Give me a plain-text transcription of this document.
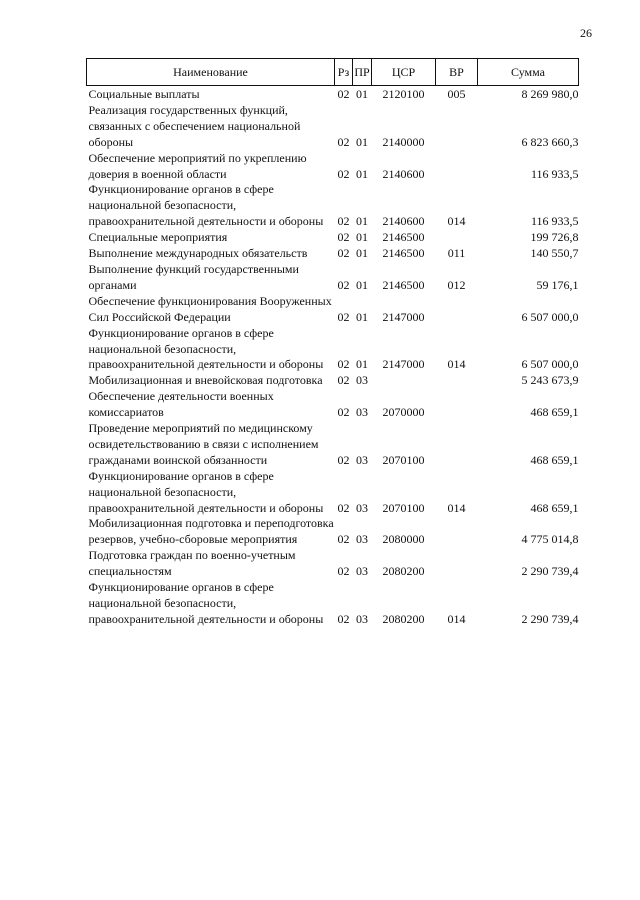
26
Наименование	Рз	ПР	ЦСР	ВР	Сумма
Социальные выплаты	02	01	2120100	005	8 269 980,0
Реализация государственных функций, связанных с обеспечением национальной обороны	02	01	2140000		6 823 660,3
Обеспечение мероприятий по укреплению доверия в военной области	02	01	2140600		116 933,5
Функционирование органов в сфере национальной безопасности, правоохранительной деятельности и обороны	02	01	2140600	014	116 933,5
Специальные мероприятия	02	01	2146500		199 726,8
Выполнение международных обязательств	02	01	2146500	011	140 550,7
Выполнение функций государственными органами	02	01	2146500	012	59 176,1
Обеспечение функционирования Вооруженных Сил Российской Федерации	02	01	2147000		6 507 000,0
Функционирование органов в сфере национальной безопасности, правоохранительной деятельности и обороны	02	01	2147000	014	6 507 000,0
Мобилизационная и вневойсковая подготовка	02	03			5 243 673,9
Обеспечение деятельности военных комиссариатов	02	03	2070000		468 659,1
Проведение мероприятий по медицинскому освидетельствованию в связи с исполнением гражданами воинской обязанности	02	03	2070100		468 659,1
Функционирование органов в сфере национальной безопасности, правоохранительной деятельности и обороны	02	03	2070100	014	468 659,1
Мобилизационная подготовка и переподготовка резервов, учебно-сборовые мероприятия	02	03	2080000		4 775 014,8
Подготовка граждан по военно-учетным специальностям	02	03	2080200		2 290 739,4
Функционирование органов в сфере национальной безопасности, правоохранительной деятельности и обороны	02	03	2080200	014	2 290 739,4
